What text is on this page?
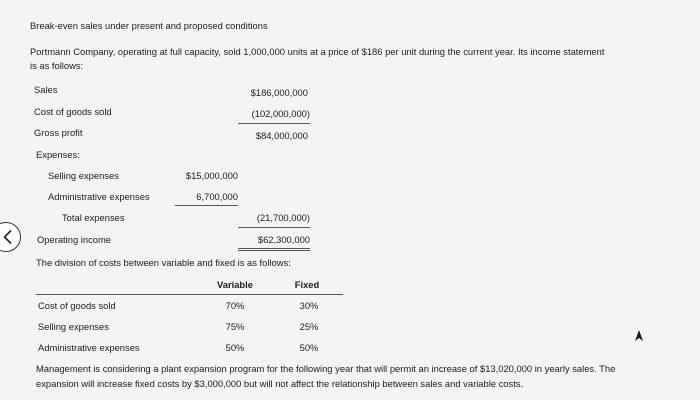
Break-even sales under present and proposed conditions
Portmann Company, operating at full capacity, sold 1,000,000 units at a price of $186 per unit during the current year. Its income statement
is as follows:
Sales	$186,000,000
Cost of goods sold	(102,000,000)
Gross profit	$84,000,000
Expenses:
Selling expenses	$15,000,000
Administrative expenses	6,700,000
Total expenses	(21,700,000)
Operating income	$62,300,000
The division of costs between variable and fixed is as follows:
Variable	Fixed
Cost of goods sold	70%	30%
Selling expenses	75%	25%
Administrative expenses	50%	50%
Management is considering a plant expansion program for the following year that will permit an increase of $13,020,000 in yearly sales. The
expansion will increase fixed costs by $3,000,000 but will not affect the relationship between sales and variable costs.
